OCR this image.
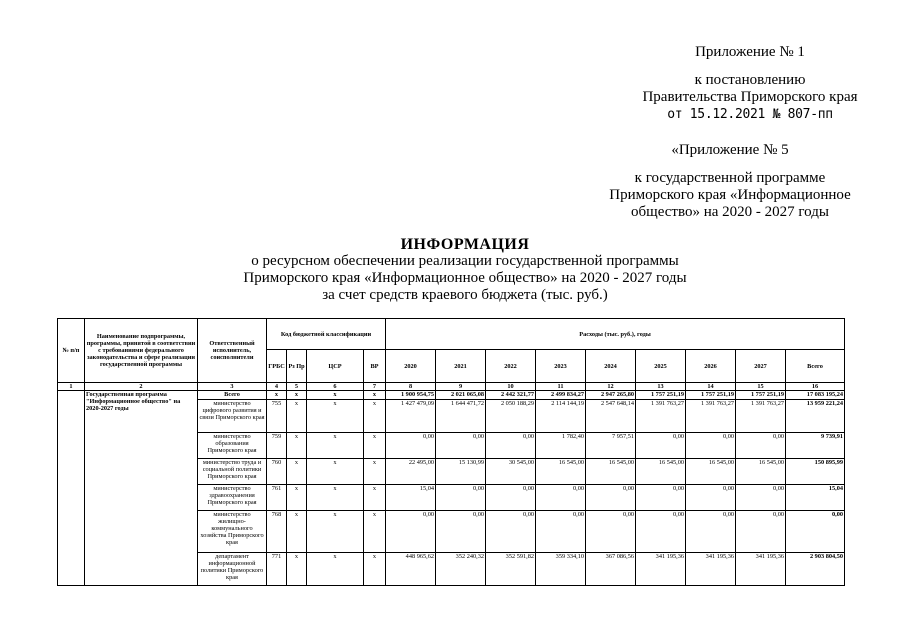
Приложение № 1
к постановлению
Правительства Приморского края
от 15.12.2021 № 807-пп
«Приложение № 5
к государственной программе
Приморского края «Информационное
общество» на 2020 - 2027 годы
ИНФОРМАЦИЯ
о ресурсном обеспечении реализации государственной программы
Приморского края «Информационное общество» на 2020 - 2027 годы
за счет средств краевого бюджета (тыс. руб.)
№ п/п	Наименование подпрограммы, программы, принятой в соответствии с требованиями федерального законодательства и сфере реализации государственной программы	Ответственный исполнитель, соисполнители	Код бюджетной классификации				Расходы (тыс. руб.), годы								
			ГРБС	Рз Пр	ЦСР	ВР	2020	2021	2022	2023	2024	2025	2026	2027	Всего
1	2	3	4	5	6	7	8	9	10	11	12	13	14	15	16
	Государственная программа "Информационное общество" на 2020-2027 годы	Всего	х	х	х	х	1 900 954,75	2 021 065,08	2 442 321,77	2 499 834,27	2 947 265,80	1 757 251,19	1 757 251,19	1 757 251,19	17 083 195,24
		министерство цифрового развития и связи Приморского края	755	х	х	х	1 427 479,09	1 644 471,72	2 050 188,29	2 114 144,19	2 547 648,14	1 391 763,27	1 391 763,27	1 391 763,27	13 959 221,24
		министерство образования Приморского края	759	х	х	х	0,00	0,00	0,00	1 782,40	7 957,51	0,00	0,00	0,00	9 739,91
		министерство труда и социальной политики Приморского края	760	х	х	х	22 495,00	15 130,99	30 545,00	16 545,00	16 545,00	16 545,00	16 545,00	16 545,00	150 895,99
		министерство здравоохранения Приморского края	761	х	х	х	15,04	0,00	0,00	0,00	0,00	0,00	0,00	0,00	15,04
		министерство жилищно-коммунального хозяйства Приморского края	768	х	х	х	0,00	0,00	0,00	0,00	0,00	0,00	0,00	0,00	0,00
		департамент информационной политики Приморского края	771	х	х	х	448 965,62	352 240,32	352 591,82	359 334,10	367 086,56	341 195,36	341 195,36	341 195,36	2 903 804,50
